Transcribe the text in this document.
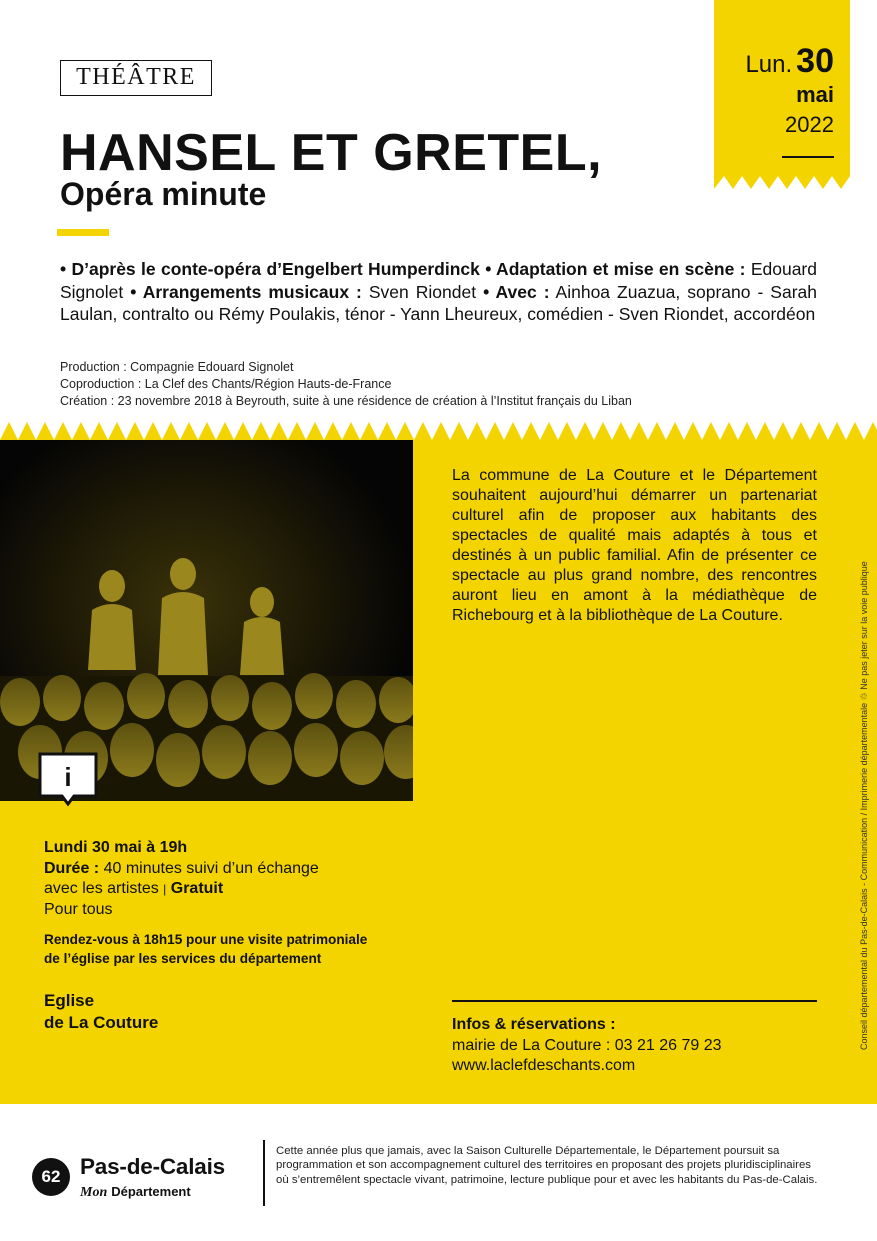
Lun. 30
mai
2022
THÉÂTRE
HANSEL ET GRETEL,
Opéra minute
• D’après le conte-opéra d’Engelbert Humperdinck • Adaptation et mise en scène : Edouard Signolet • Arrangements musicaux : Sven Riondet • Avec : Ainhoa Zuazua, soprano - Sarah Laulan, contralto ou Rémy Poulakis, ténor - Yann Lheureux, comédien - Sven Riondet, accordéon
Production : Compagnie Edouard Signolet
Coproduction : La Clef des Chants/Région Hauts-de-France
Création : 23 novembre 2018 à Beyrouth, suite à une résidence de création à l’Institut français du Liban
i
La commune de La Couture et le Département souhaitent aujourd’hui démarrer un partenariat culturel afin de proposer aux habitants des spectacles de qualité mais adaptés à tous et destinés à un public familial. Afin de présenter ce spectacle au plus grand nombre, des rencontres auront lieu en amont à la médiathèque de Richebourg et à la bibliothèque de La Couture.
Lundi 30 mai à 19h
Durée : 40 minutes suivi d’un échange
avec les artistes | Gratuit
Pour tous
Rendez-vous à 18h15 pour une visite patrimoniale
de l’église par les services du département
Eglise
de La Couture	Infos & réservations :
mairie de La Couture : 03 21 26 79 23
www.laclefdeschants.com
Conseil départemental du Pas-de-Calais - Communication / Imprimerie départementale ♲ Ne pas jeter sur la voie publique
62 Pas-de-Calais
Mon Département
Cette année plus que jamais, avec la Saison Culturelle Départementale, le Département poursuit sa programmation et son accompagnement culturel des territoires en proposant des projets pluridisciplinaires où s’entremêlent spectacle vivant, patrimoine, lecture publique pour et avec les habitants du Pas-de-Calais.
